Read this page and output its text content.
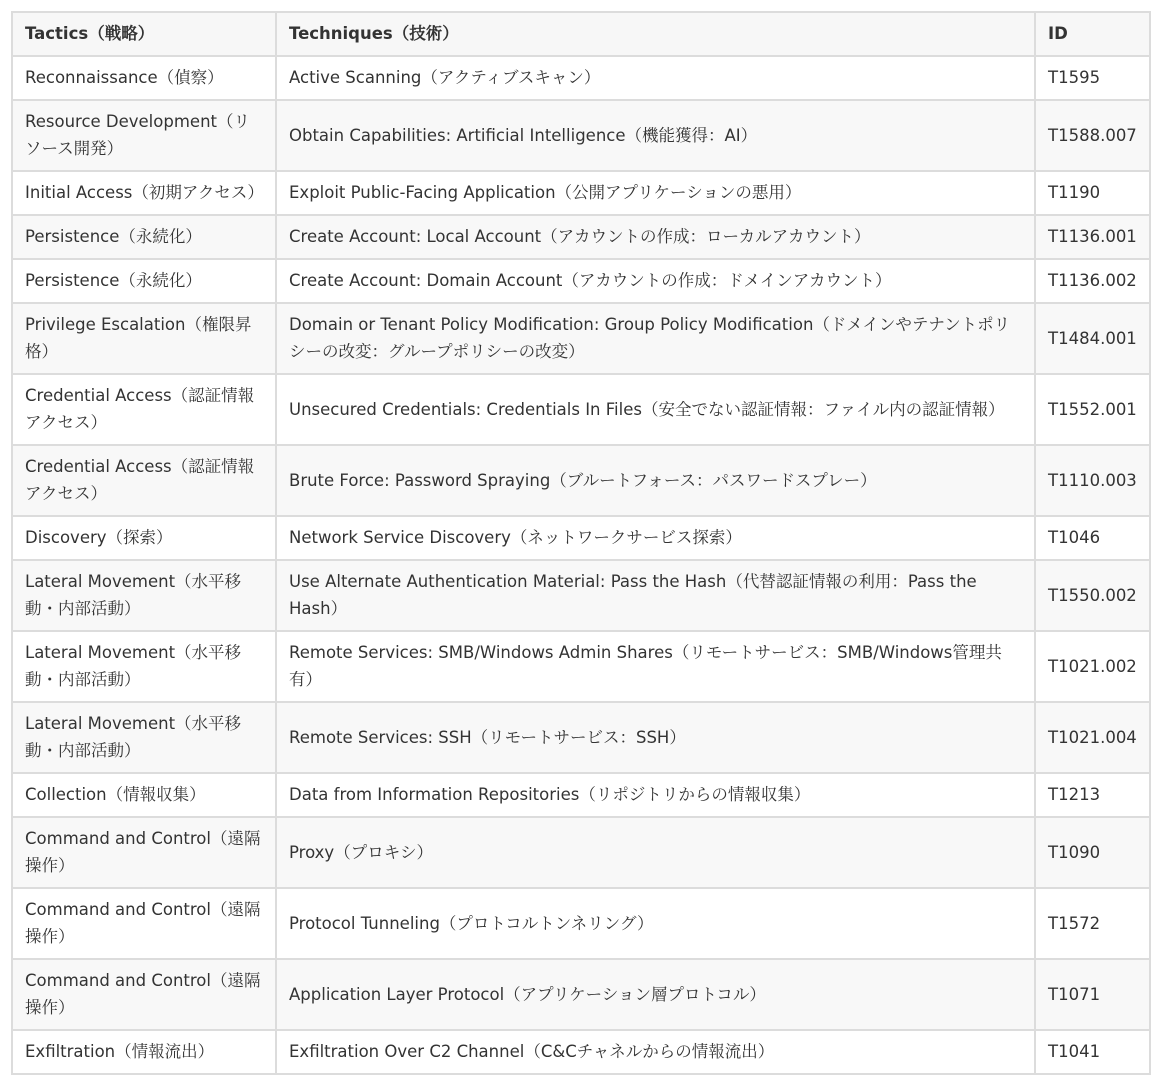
Tactics（戦略）	Techniques（技術）	ID
Reconnaissance（偵察）	Active Scanning（アクティブスキャン）	T1595
Resource Development（リソース開発）	Obtain Capabilities: Artificial Intelligence（機能獲得：AI）	T1588.007
Initial Access（初期アクセス）	Exploit Public-Facing Application（公開アプリケーションの悪用）	T1190
Persistence（永続化）	Create Account: Local Account（アカウントの作成：ローカルアカウント）	T1136.001
Persistence（永続化）	Create Account: Domain Account（アカウントの作成：ドメインアカウント）	T1136.002
Privilege Escalation（権限昇格）	Domain or Tenant Policy Modification: Group Policy Modification（ドメインやテナントポリシーの改変：グループポリシーの改変）	T1484.001
Credential Access（認証情報アクセス）	Unsecured Credentials: Credentials In Files（安全でない認証情報：ファイル内の認証情報）	T1552.001
Credential Access（認証情報アクセス）	Brute Force: Password Spraying（ブルートフォース：パスワードスプレー）	T1110.003
Discovery（探索）	Network Service Discovery（ネットワークサービス探索）	T1046
Lateral Movement（水平移動・内部活動）	Use Alternate Authentication Material: Pass the Hash（代替認証情報の利用：Pass the Hash）	T1550.002
Lateral Movement（水平移動・内部活動）	Remote Services: SMB/Windows Admin Shares（リモートサービス：SMB/Windows管理共有）	T1021.002
Lateral Movement（水平移動・内部活動）	Remote Services: SSH（リモートサービス：SSH）	T1021.004
Collection（情報収集）	Data from Information Repositories（リポジトリからの情報収集）	T1213
Command and Control（遠隔操作）	Proxy（プロキシ）	T1090
Command and Control（遠隔操作）	Protocol Tunneling（プロトコルトンネリング）	T1572
Command and Control（遠隔操作）	Application Layer Protocol（アプリケーション層プロトコル）	T1071
Exfiltration（情報流出）	Exfiltration Over C2 Channel（C&Cチャネルからの情報流出）	T1041
